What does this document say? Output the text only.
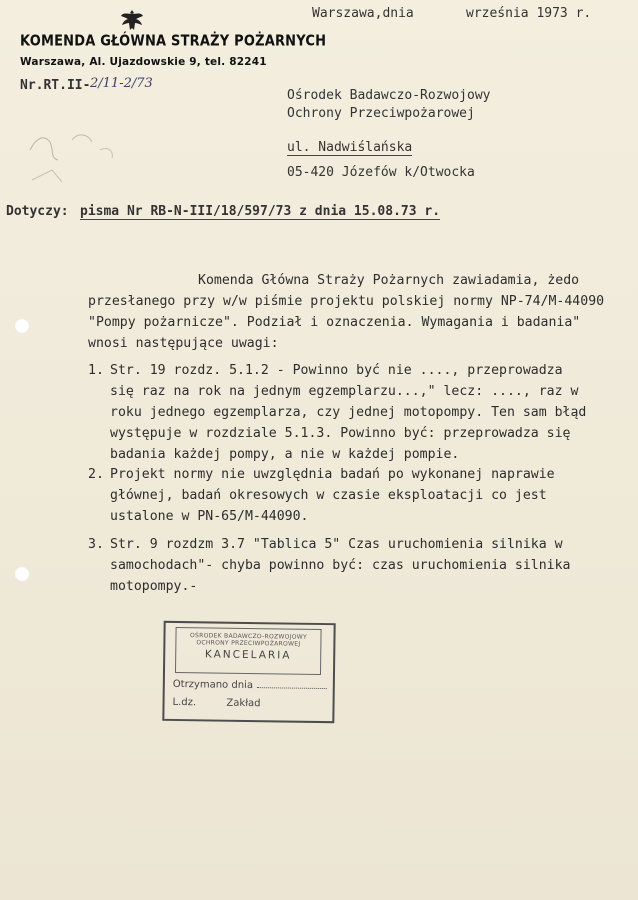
KOMENDA GŁÓWNA STRAŻY POŻARNYCH
Warszawa, Al. Ujazdowskie 9, tel. 82241
Nr.RT.II- 2/11-2/73
Warszawa,dnia	września 1973 r.
Ośrodek Badawczo-Rozwojowy
Ochrony Przeciwpożarowej
ul. Nadwiślańska
05-420 Józefów k/Otwocka
Dotyczy: pisma Nr RB-N-III/18/597/73 z dnia 15.08.73 r.
Komenda Główna Straży Pożarnych zawiadamia, żedo
przesłanego przy w/w piśmie projektu polskiej normy NP-74/M-44090
"Pompy pożarnicze". Podział i oznaczenia. Wymagania i badania"
wnosi następujące uwagi:
1. Str. 19 rozdz. 5.1.2 - Powinno być nie ...., przeprowadza
się raz na rok na jednym egzemplarzu...," lecz: ...., raz w
roku jednego egzemplarza, czy jednej motopompy. Ten sam błąd
występuje w rozdziale 5.1.3. Powinno być: przeprowadza się
badania każdej pompy, a nie w każdej pompie.
2. Projekt normy nie uwzględnia badań po wykonanej naprawie
głównej, badań okresowych w czasie eksploatacji co jest
ustalone w PN-65/M-44090.
3. Str. 9 rozdzm 3.7 "Tablica 5" Czas uruchomienia silnika w
samochodach"- chyba powinno być: czas uruchomienia silnika
motopompy.-
OŚRODEK BADAWCZO-ROZWOJOWY
OCHRONY PRZECIWPOŻAROWEJ
KANCELARIA
Otrzymano dnia
L.dz.	Zakład
